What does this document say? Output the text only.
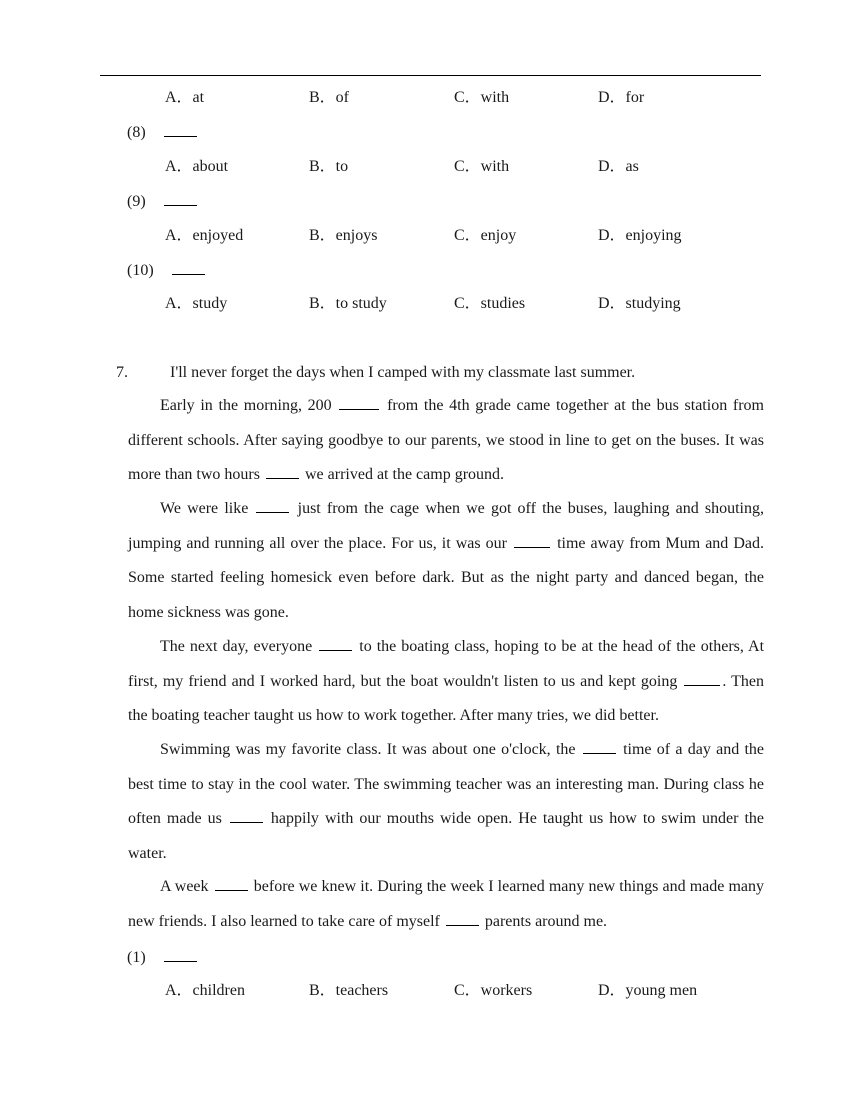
A．at	B．of	C．with	D．for
(8)
A．about	B．to	C．with	D．as
(9)
A．enjoyed	B．enjoys	C．enjoy	D．enjoying
(10)
A．study	B．to study	C．studies	D．studying
7.	I'll never forget the days when I camped with my classmate last summer.
Early in the morning, 200	from the 4th grade came together at the bus station from different schools. After saying goodbye to our parents, we stood in line to get on the buses. It was more than two hours	we arrived at the camp ground.
We were like	just from the cage when we got off the buses, laughing and shouting, jumping and running all over the place. For us, it was our	time away from Mum and Dad. Some started feeling homesick even before dark. But as the night party and danced began, the home sickness was gone.
The next day, everyone	to the boating class, hoping to be at the head of the others, At first, my friend and I worked hard, but the boat wouldn't listen to us and kept going	. Then the boating teacher taught us how to work together. After many tries, we did better.
Swimming was my favorite class. It was about one o'clock, the	time of a day and the best time to stay in the cool water. The swimming teacher was an interesting man. During class he often made us	happily with our mouths wide open. He taught us how to swim under the water.
A week	before we knew it. During the week I learned many new things and made many new friends. I also learned to take care of myself	parents around me.
(1)
A．children	B．teachers	C．workers	D．young men
